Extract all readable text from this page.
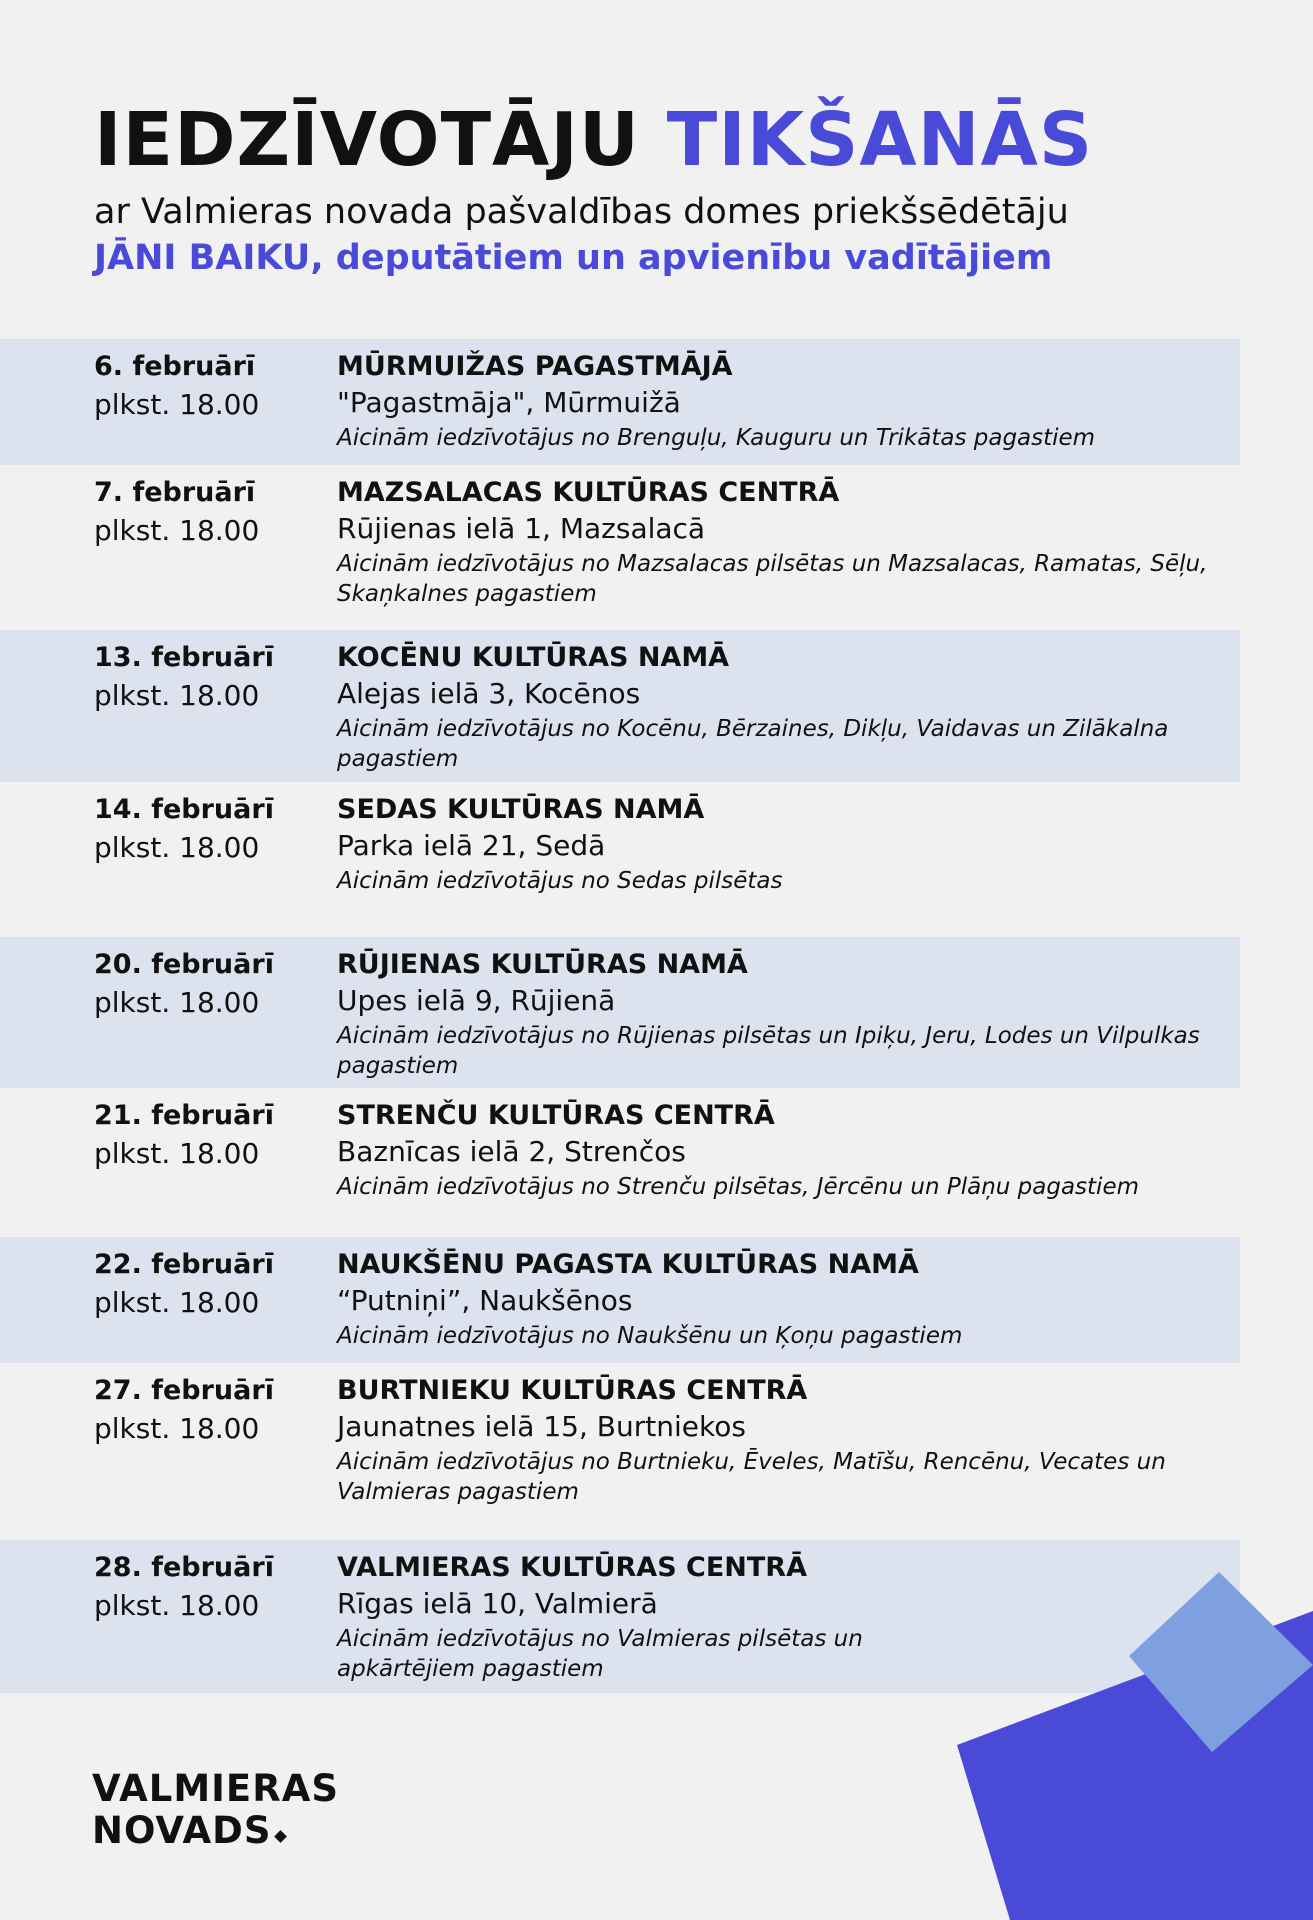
IEDZĪVOTĀJU TIKŠANĀS
ar Valmieras novada pašvaldības domes priekšsēdētāju
JĀNI BAIKU, deputātiem un apvienību vadītājiem
6. februārī
plkst. 18.00
MŪRMUIŽAS PAGASTMĀJĀ
"Pagastmāja", Mūrmuižā
Aicinām iedzīvotājus no Brenguļu, Kauguru un Trikātas pagastiem
7. februārī
plkst. 18.00
MAZSALACAS KULTŪRAS CENTRĀ
Rūjienas ielā 1, Mazsalacā
Aicinām iedzīvotājus no Mazsalacas pilsētas un Mazsalacas, Ramatas, Sēļu, Skaņkalnes pagastiem
13. februārī
plkst. 18.00
KOCĒNU KULTŪRAS NAMĀ
Alejas ielā 3, Kocēnos
Aicinām iedzīvotājus no Kocēnu, Bērzaines, Dikļu, Vaidavas un Zilākalna pagastiem
14. februārī
plkst. 18.00
SEDAS KULTŪRAS NAMĀ
Parka ielā 21, Sedā
Aicinām iedzīvotājus no Sedas pilsētas
20. februārī
plkst. 18.00
RŪJIENAS KULTŪRAS NAMĀ
Upes ielā 9, Rūjienā
Aicinām iedzīvotājus no Rūjienas pilsētas un Ipiķu, Jeru, Lodes un Vilpulkas pagastiem
21. februārī
plkst. 18.00
STRENČU KULTŪRAS CENTRĀ
Baznīcas ielā 2, Strenčos
Aicinām iedzīvotājus no Strenču pilsētas, Jērcēnu un Plāņu pagastiem
22. februārī
plkst. 18.00
NAUKŠĒNU PAGASTA KULTŪRAS NAMĀ
“Putniņi”, Naukšēnos
Aicinām iedzīvotājus no Naukšēnu un Ķoņu pagastiem
27. februārī
plkst. 18.00
BURTNIEKU KULTŪRAS CENTRĀ
Jaunatnes ielā 15, Burtniekos
Aicinām iedzīvotājus no Burtnieku, Ēveles, Matīšu, Rencēnu, Vecates un Valmieras pagastiem
28. februārī
plkst. 18.00
VALMIERAS KULTŪRAS CENTRĀ
Rīgas ielā 10, Valmierā
Aicinām iedzīvotājus no Valmieras pilsētas un apkārtējiem pagastiem
VALMIERAS
NOVADS
